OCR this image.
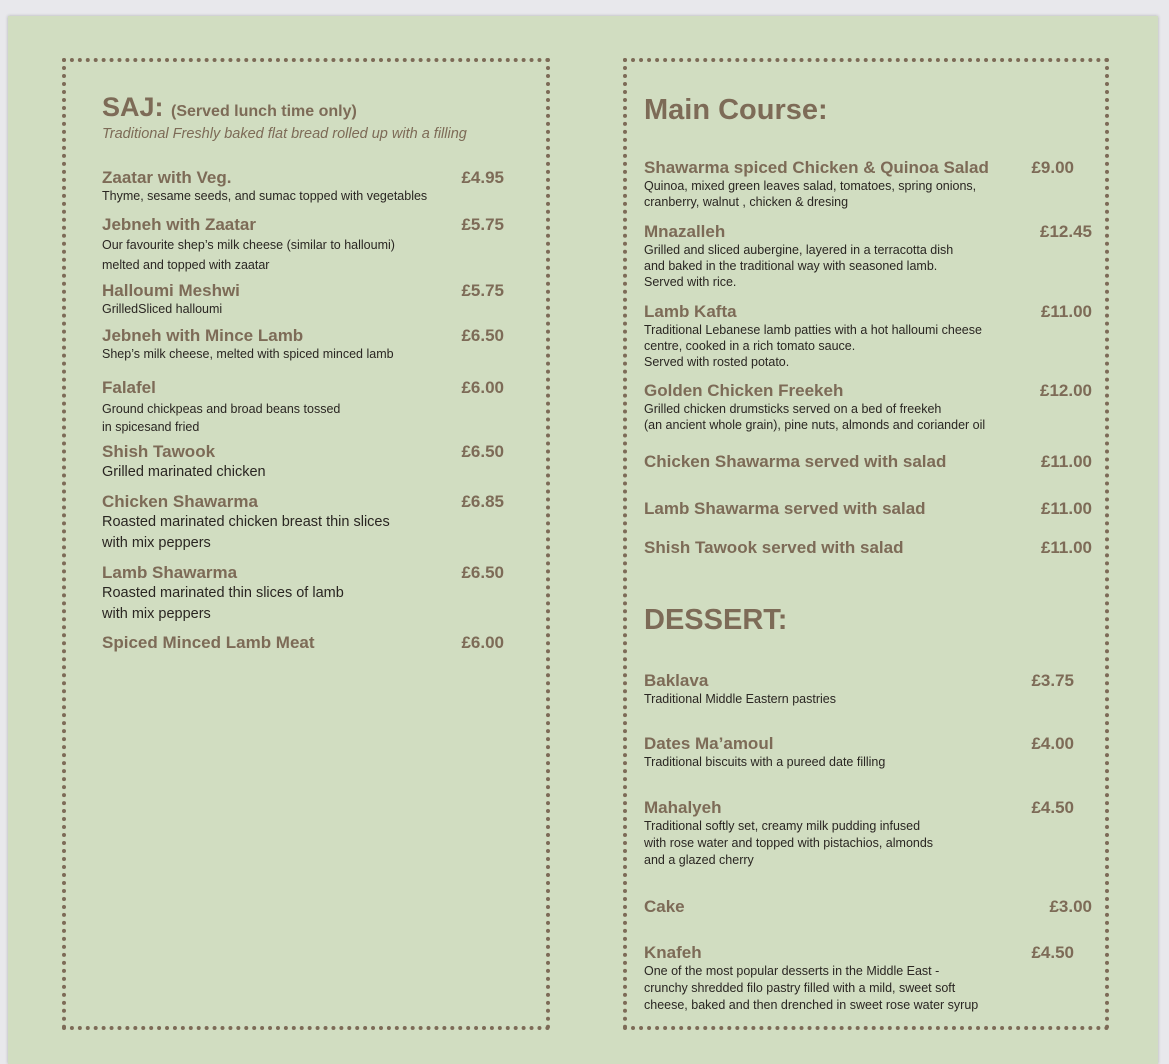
SAJ: (Served lunch time only)
Traditional Freshly baked flat bread rolled up with a filling
Zaatar with Veg.	£4.95
Thyme, sesame seeds, and sumac topped with vegetables
Jebneh with Zaatar	£5.75
Our favourite shep’s milk cheese (similar to halloumi)
melted and topped with zaatar
Halloumi Meshwi	£5.75
GrilledSliced halloumi
Jebneh with Mince Lamb	£6.50
Shep’s milk cheese, melted with spiced minced lamb
Falafel	£6.00
Ground chickpeas and broad beans tossed
in spicesand fried
Shish Tawook	£6.50
Grilled marinated chicken
Chicken Shawarma	£6.85
Roasted marinated chicken breast thin slices
with mix peppers
Lamb Shawarma	£6.50
Roasted marinated thin slices of lamb
with mix peppers
Spiced Minced Lamb Meat	£6.00
Main Course:
Shawarma spiced Chicken & Quinoa Salad	£9.00
Quinoa, mixed green leaves salad, tomatoes, spring onions,
cranberry, walnut , chicken & dresing
Mnazalleh	£12.45
Grilled and sliced aubergine, layered in a terracotta dish
and baked in the traditional way with seasoned lamb.
Served with rice.
Lamb Kafta	£11.00
Traditional Lebanese lamb patties with a hot halloumi cheese
centre, cooked in a rich tomato sauce.
Served with rosted potato.
Golden Chicken Freekeh	£12.00
Grilled chicken drumsticks served on a bed of freekeh
(an ancient whole grain), pine nuts, almonds and coriander oil
Chicken Shawarma served with salad	£11.00
Lamb Shawarma served with salad	£11.00
Shish Tawook served with salad	£11.00
DESSERT:
Baklava	£3.75
Traditional Middle Eastern pastries
Dates Ma’amoul	£4.00
Traditional biscuits with a pureed date filling
Mahalyeh	£4.50
Traditional softly set, creamy milk pudding infused
with rose water and topped with pistachios, almonds
and a glazed cherry
Cake	£3.00
Knafeh	£4.50
One of the most popular desserts in the Middle East -
crunchy shredded filo pastry filled with a mild, sweet soft
cheese, baked and then drenched in sweet rose water syrup
